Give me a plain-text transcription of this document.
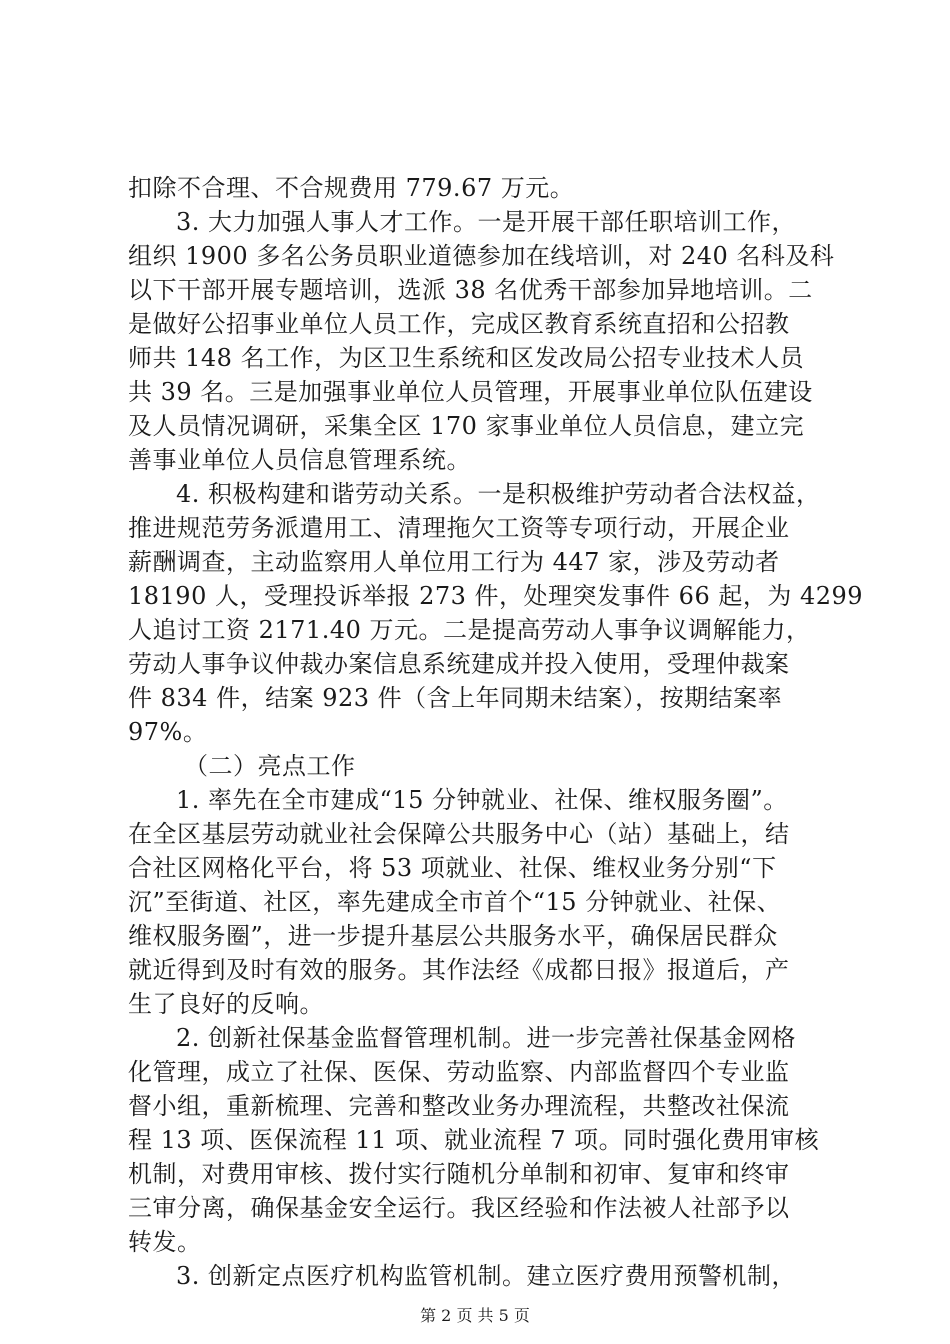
扣除不合理、不合规费用 779.67 万元。
3. 大力加强人事人才工作。一是开展干部任职培训工作，
组织 1900 多名公务员职业道德参加在线培训，对 240 名科及科
以下干部开展专题培训，选派 38 名优秀干部参加异地培训。二
是做好公招事业单位人员工作，完成区教育系统直招和公招教
师共 148 名工作，为区卫生系统和区发改局公招专业技术人员
共 39 名。三是加强事业单位人员管理，开展事业单位队伍建设
及人员情况调研，采集全区 170 家事业单位人员信息，建立完
善事业单位人员信息管理系统。
4. 积极构建和谐劳动关系。一是积极维护劳动者合法权益，
推进规范劳务派遣用工、清理拖欠工资等专项行动，开展企业
薪酬调查，主动监察用人单位用工行为 447 家，涉及劳动者
18190 人，受理投诉举报 273 件，处理突发事件 66 起，为 4299
人追讨工资 2171.40 万元。二是提高劳动人事争议调解能力，
劳动人事争议仲裁办案信息系统建成并投入使用，受理仲裁案
件 834 件，结案 923 件（含上年同期未结案），按期结案率
97%。
（二）亮点工作
1. 率先在全市建成“15 分钟就业、社保、维权服务圈”。
在全区基层劳动就业社会保障公共服务中心（站）基础上，结
合社区网格化平台，将 53 项就业、社保、维权业务分别“下
沉”至街道、社区，率先建成全市首个“15 分钟就业、社保、
维权服务圈”，进一步提升基层公共服务水平，确保居民群众
就近得到及时有效的服务。其作法经《成都日报》报道后，产
生了良好的反响。
2. 创新社保基金监督管理机制。进一步完善社保基金网格
化管理，成立了社保、医保、劳动监察、内部监督四个专业监
督小组，重新梳理、完善和整改业务办理流程，共整改社保流
程 13 项、医保流程 11 项、就业流程 7 项。同时强化费用审核
机制，对费用审核、拨付实行随机分单制和初审、复审和终审
三审分离，确保基金安全运行。我区经验和作法被人社部予以
转发。
3. 创新定点医疗机构监管机制。建立医疗费用预警机制，
第 2 页 共 5 页
